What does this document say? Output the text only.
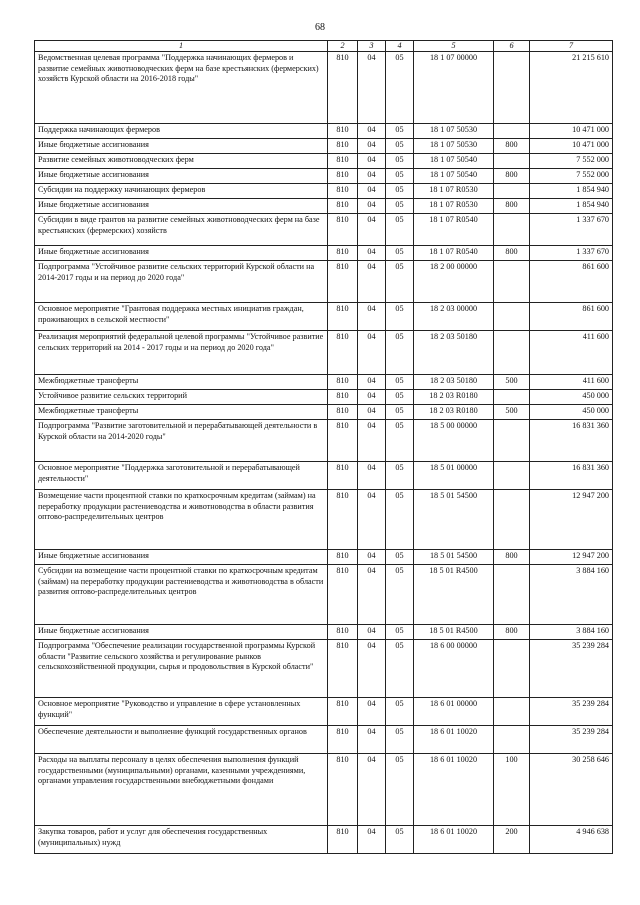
68
1	2	3	4	5	6	7
Ведомственная целевая программа "Поддержка начинающих фермеров и развитие семейных животноводческих ферм на базе крестьянских (фермерских) хозяйств Курской области на 2016-2018 годы"	810	04	05	18 1 07 00000		21 215 610
Поддержка начинающих фермеров	810	04	05	18 1 07 50530		10 471 000
Иные бюджетные ассигнования	810	04	05	18 1 07 50530	800	10 471 000
Развитие семейных животноводческих ферм	810	04	05	18 1 07 50540		7 552 000
Иные бюджетные ассигнования	810	04	05	18 1 07 50540	800	7 552 000
Субсидии на поддержку начинающих фермеров	810	04	05	18 1 07 R0530		1 854 940
Иные бюджетные ассигнования	810	04	05	18 1 07 R0530	800	1 854 940
Субсидии в виде грантов на развитие семейных животноводческих ферм на базе крестьянских (фермерских) хозяйств	810	04	05	18 1 07 R0540		1 337 670
Иные бюджетные ассигнования	810	04	05	18 1 07 R0540	800	1 337 670
Подпрограмма "Устойчивое развитие сельских территорий Курской области на 2014-2017 годы и на период до 2020 года"	810	04	05	18 2 00 00000		861 600
Основное мероприятие "Грантовая поддержка местных инициатив граждан, проживающих в сельской местности"	810	04	05	18 2 03 00000		861 600
Реализация мероприятий федеральной целевой программы "Устойчивое развитие сельских территорий на 2014 - 2017 годы и на период до 2020 года"	810	04	05	18 2 03 50180		411 600
Межбюджетные трансферты	810	04	05	18 2 03 50180	500	411 600
Устойчивое развитие сельских территорий	810	04	05	18 2 03 R0180		450 000
Межбюджетные трансферты	810	04	05	18 2 03 R0180	500	450 000
Подпрограмма "Развитие заготовительной и перерабатывающей деятельности в Курской области на 2014-2020 годы"	810	04	05	18 5 00 00000		16 831 360
Основное мероприятие "Поддержка заготовительной и перерабатывающей деятельности"	810	04	05	18 5 01 00000		16 831 360
Возмещение части процентной ставки по краткосрочным кредитам (займам) на переработку продукции растениеводства и животноводства в области развития оптово-распределительных центров	810	04	05	18 5 01 54500		12 947 200
Иные бюджетные ассигнования	810	04	05	18 5 01 54500	800	12 947 200
Субсидии на возмещение части процентной ставки по краткосрочным кредитам (займам) на переработку продукции растениеводства и животноводства в области развития оптово-распределительных центров	810	04	05	18 5 01 R4500		3 884 160
Иные бюджетные ассигнования	810	04	05	18 5 01 R4500	800	3 884 160
Подпрограмма "Обеспечение реализации государственной программы Курской области "Развитие сельского хозяйства и регулирование рынков сельскохозяйственной продукции, сырья и продовольствия в Курской области"	810	04	05	18 6 00 00000		35 239 284
Основное мероприятие "Руководство и управление в сфере установленных функций"	810	04	05	18 6 01 00000		35 239 284
Обеспечение деятельности и выполнение функций государственных органов	810	04	05	18 6 01 10020		35 239 284
Расходы на выплаты персоналу в целях обеспечения выполнения функций государственными (муниципальными) органами, казенными учреждениями, органами управления государственными внебюджетными фондами	810	04	05	18 6 01 10020	100	30 258 646
Закупка товаров, работ и услуг для обеспечения государственных (муниципальных) нужд	810	04	05	18 6 01 10020	200	4 946 638
